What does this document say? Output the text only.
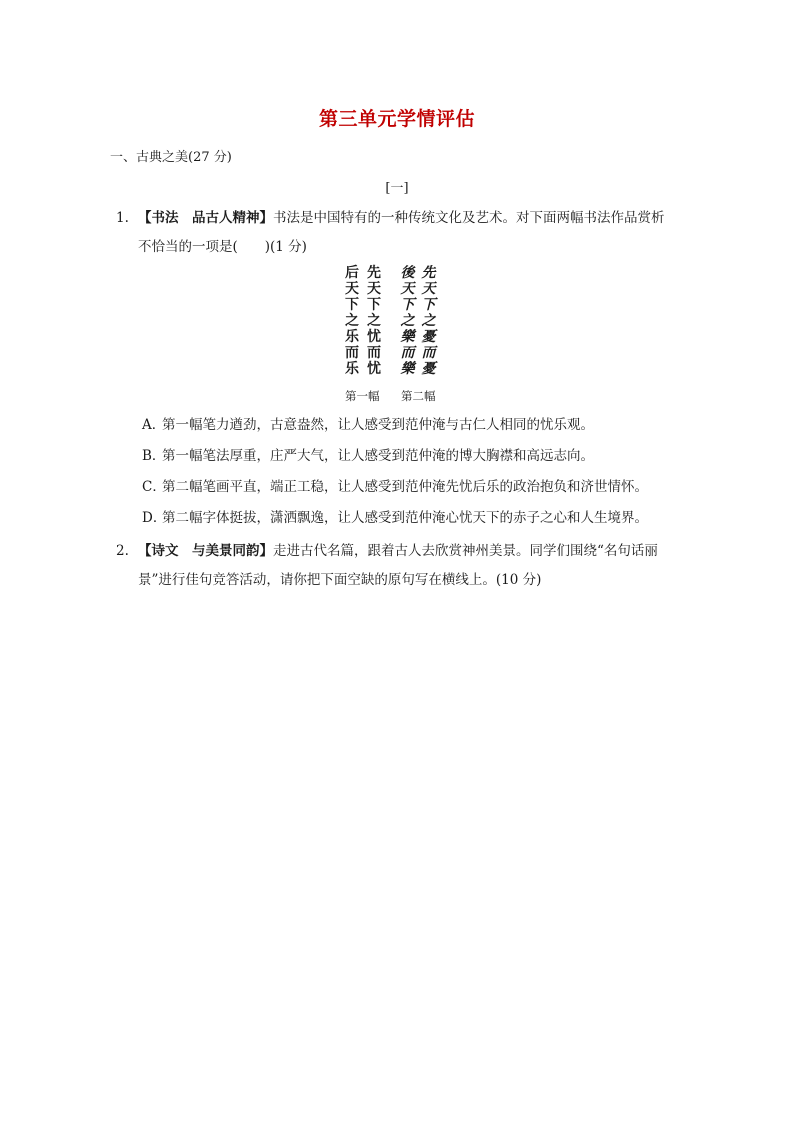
第三单元学情评估
一、古典之美(27 分)
[一]
1. 【书法　品古人精神】书法是中国特有的一种传统文化及艺术。对下面两幅书法作品赏析
不恰当的一项是(　　)(1 分)
后
天
下
之
乐
而
乐
先
天
下
之
忧
而
忧
後
天
下
之
樂
而
樂
先
天
下
之
憂
而
憂
第一幅 第二幅
A．第一幅笔力遒劲，古意盎然，让人感受到范仲淹与古仁人相同的忧乐观。
B．第一幅笔法厚重，庄严大气，让人感受到范仲淹的博大胸襟和高远志向。
C．第二幅笔画平直，端正工稳，让人感受到范仲淹先忧后乐的政治抱负和济世情怀。
D．第二幅字体挺拔，潇洒飘逸，让人感受到范仲淹心忧天下的赤子之心和人生境界。
2. 【诗文　与美景同韵】走进古代名篇，跟着古人去欣赏神州美景。同学们围绕“名句话丽
景”进行佳句竞答活动，请你把下面空缺的原句写在横线上。(10 分)
